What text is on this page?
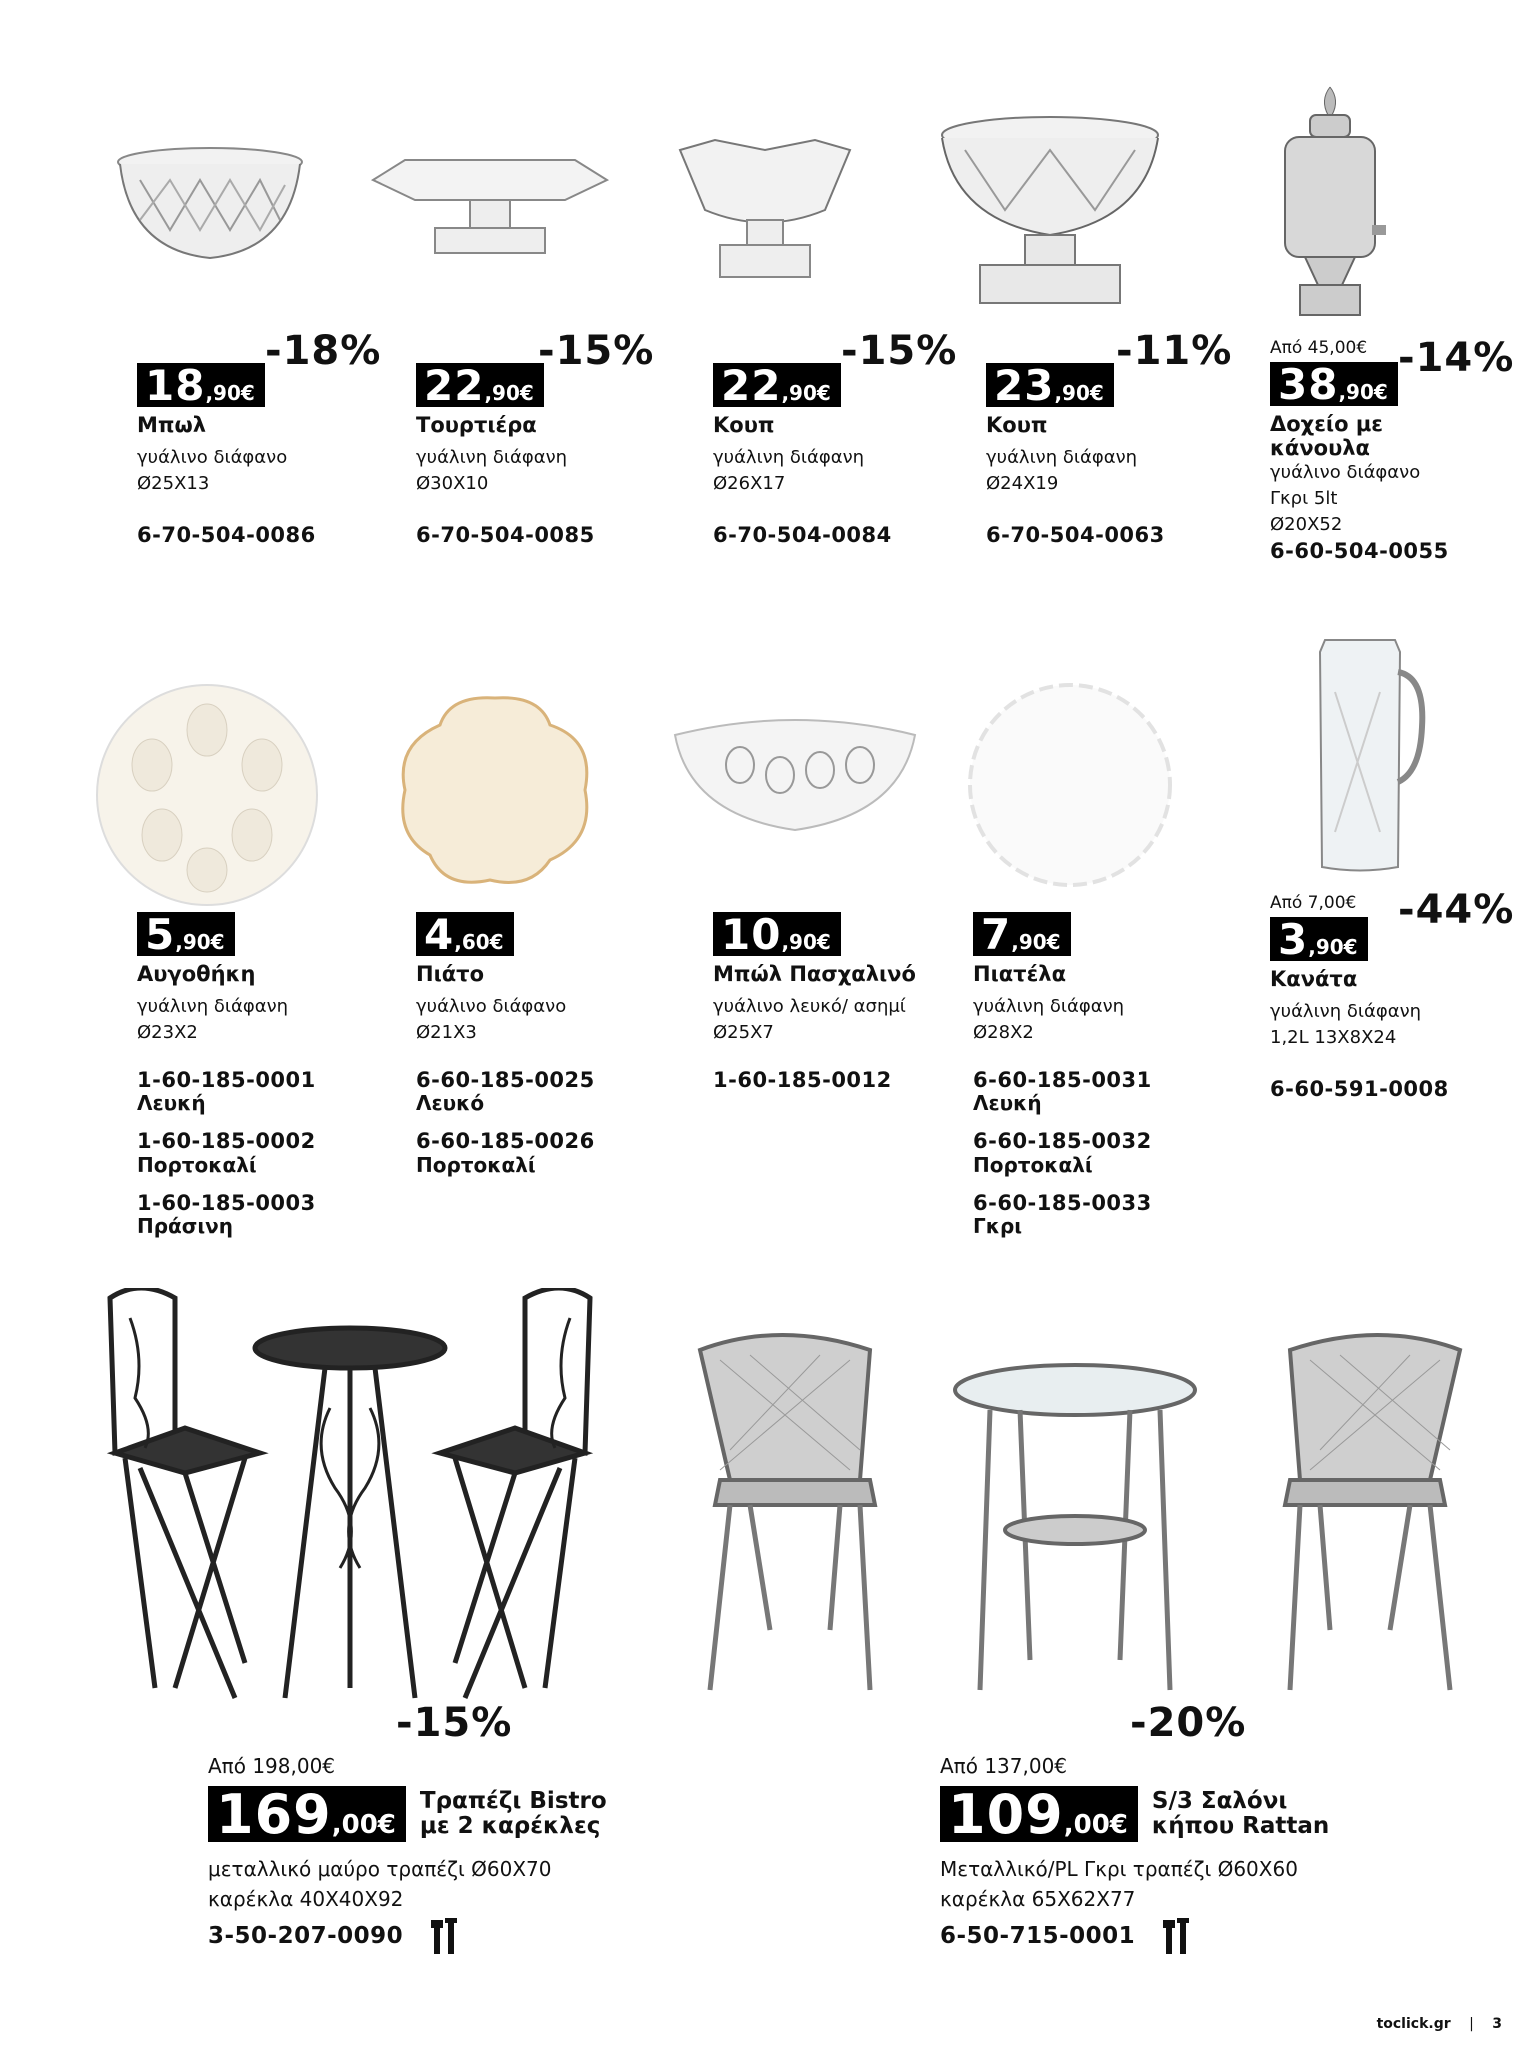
-18%
18,90€
Μπωλ
γυάλινο διάφανο
Ø25Χ13
6-70-504-0086
-15%
22,90€
Τουρτιέρα
γυάλινη διάφανη
Ø30Χ10
6-70-504-0085
-15%
22,90€
Κουπ
γυάλινη διάφανη
Ø26Χ17
6-70-504-0084
-11%
23,90€
Κουπ
γυάλινη διάφανη
Ø24Χ19
6-70-504-0063
-14%
Από 45,00€
38,90€
Δοχείο με κάνουλα
γυάλινο διάφανο
Γκρι 5lt
Ø20Χ52
6-60-504-0055
5,90€
Αυγοθήκη
γυάλινη διάφανη
Ø23Χ2
1-60-185-0001
Λευκή
1-60-185-0002
Πορτοκαλί
1-60-185-0003
Πράσινη
4,60€
Πιάτο
γυάλινο διάφανο
Ø21Χ3
6-60-185-0025
Λευκό
6-60-185-0026
Πορτοκαλί
10,90€
Μπώλ Πασχαλινό
γυάλινο λευκό/ ασημί
Ø25Χ7
1-60-185-0012
7,90€
Πιατέλα
γυάλινη διάφανη
Ø28Χ2
6-60-185-0031
Λευκή
6-60-185-0032
Πορτοκαλί
6-60-185-0033
Γκρι
-44%
Από 7,00€
3,90€
Κανάτα
γυάλινη διάφανη
1,2L 13Χ8Χ24
6-60-591-0008
-15%
Από 198,00€
169,00€
Τραπέζι Bistro
με 2 καρέκλες
μεταλλικό μαύρο τραπέζι Ø60Χ70
καρέκλα 40Χ40Χ92
3-50-207-0090
-20%
Από 137,00€
109,00€
S/3 Σαλόνι
κήπου Rattan
Μεταλλικό/PL Γκρι τραπέζι Ø60Χ60
καρέκλα 65Χ62Χ77
6-50-715-0001
toclick.gr | 3
